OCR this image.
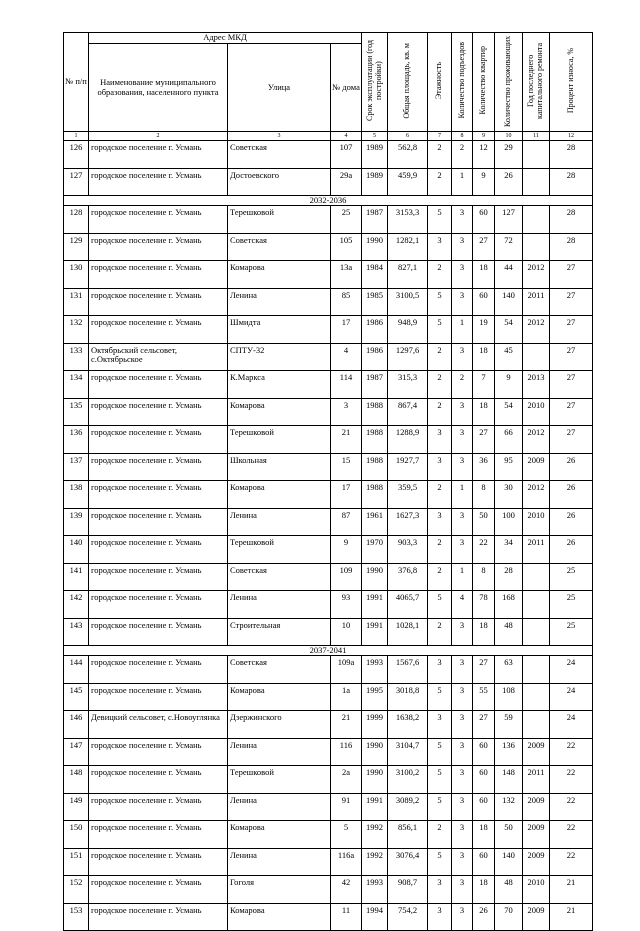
№ п/п	Адрес МКД			Срок эксплуатации (год постройки)	Общая площадь, кв. м	Этажность	Количество подъездов	Количество квартир	Количество проживающих	Год последнего капитального ремонта	Процент износа, %
	Наименование муниципального образования, населенного пункта	Улица	№ дома								
1	2	3	4	5	6	7	8	9	10	11	12
126	городское поселение г. Усмань	Советская	107	1989	562,8	2	2	12	29		28
127	городское поселение г. Усмань	Достоевского	29а	1989	459,9	2	1	9	26		28
2032-2036											
128	городское поселение г. Усмань	Терешковой	25	1987	3153,3	5	3	60	127		28
129	городское поселение г. Усмань	Советская	105	1990	1282,1	3	3	27	72		28
130	городское поселение г. Усмань	Комарова	13а	1984	827,1	2	3	18	44	2012	27
131	городское поселение г. Усмань	Ленина	85	1985	3100,5	5	3	60	140	2011	27
132	городское поселение г. Усмань	Шмидта	17	1986	948,9	5	1	19	54	2012	27
133	Октябрьский сельсовет, с.Октябрьское	СПТУ-32	4	1986	1297,6	2	3	18	45		27
134	городское поселение г. Усмань	К.Маркса	114	1987	315,3	2	2	7	9	2013	27
135	городское поселение г. Усмань	Комарова	3	1988	867,4	2	3	18	54	2010	27
136	городское поселение г. Усмань	Терешковой	21	1988	1288,9	3	3	27	66	2012	27
137	городское поселение г. Усмань	Школьная	15	1988	1927,7	3	3	36	95	2009	26
138	городское поселение г. Усмань	Комарова	17	1988	359,5	2	1	8	30	2012	26
139	городское поселение г. Усмань	Ленина	87	1961	1627,3	3	3	50	100	2010	26
140	городское поселение г. Усмань	Терешковой	9	1970	903,3	2	3	22	34	2011	26
141	городское поселение г. Усмань	Советская	109	1990	376,8	2	1	8	28		25
142	городское поселение г. Усмань	Ленина	93	1991	4065,7	5	4	78	168		25
143	городское поселение г. Усмань	Строительная	10	1991	1028,1	2	3	18	48		25
2037-2041											
144	городское поселение г. Усмань	Советская	109а	1993	1567,6	3	3	27	63		24
145	городское поселение г. Усмань	Комарова	1а	1995	3018,8	5	3	55	108		24
146	Девицкий сельсовет, с.Новоуглянка	Дзержинского	21	1999	1638,2	3	3	27	59		24
147	городское поселение г. Усмань	Ленина	116	1990	3104,7	5	3	60	136	2009	22
148	городское поселение г. Усмань	Терешковой	2а	1990	3100,2	5	3	60	148	2011	22
149	городское поселение г. Усмань	Ленина	91	1991	3089,2	5	3	60	132	2009	22
150	городское поселение г. Усмань	Комарова	5	1992	856,1	2	3	18	50	2009	22
151	городское поселение г. Усмань	Ленина	116а	1992	3076,4	5	3	60	140	2009	22
152	городское поселение г. Усмань	Гоголя	42	1993	908,7	3	3	18	48	2010	21
153	городское поселение г. Усмань	Комарова	11	1994	754,2	3	3	26	70	2009	21
